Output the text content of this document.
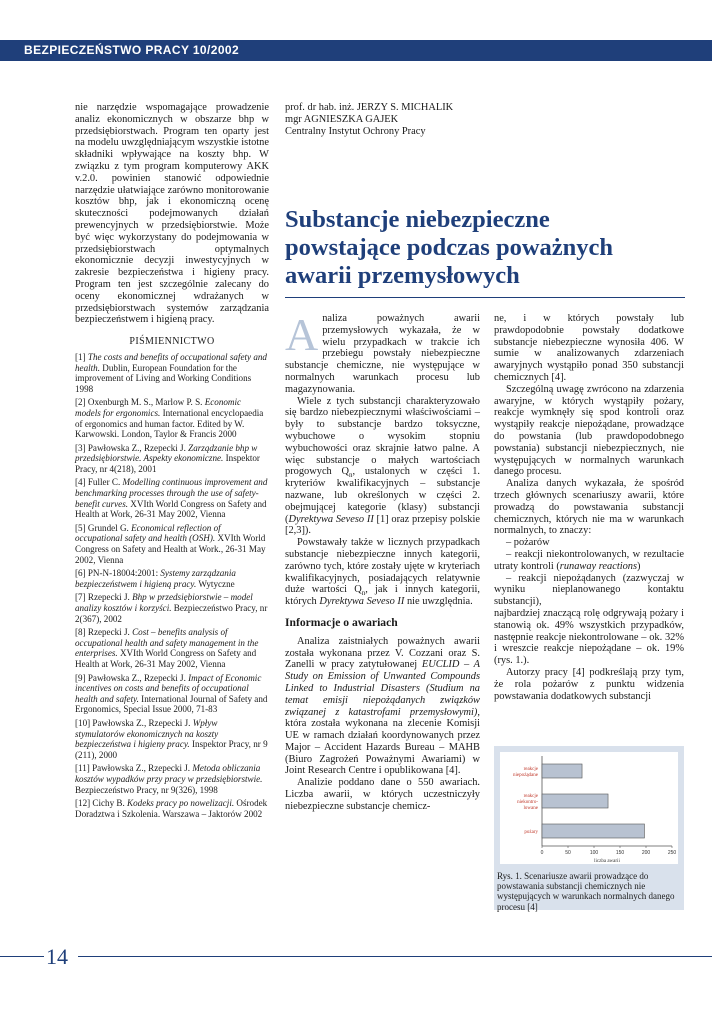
BEZPIECZEŃSTWO PRACY 10/2002

nie narzędzie wspomagające prowadzenie analiz ekonomicznych w obszarze bhp w przedsiębiorstwach. Program ten oparty jest na modelu uwzględniającym wszystkie istotne składniki wpływające na koszty bhp. W związku z tym program komputerowy AKK v.2.0. powinien stanowić odpowiednie narzędzie ułatwiające zarówno monitorowanie kosztów bhp, jak i ekonomiczną ocenę skuteczności podejmowanych działań prewencyjnych w przedsiębiorstwie. Może być więc wykorzystany do podejmowania w przedsiębiorstwach optymalnych ekonomicznie decyzji inwestycyjnych w zakresie bezpieczeństwa i higieny pracy. Program ten jest szczególnie zalecany do oceny ekonomicznej wdrażanych w przedsiębiorstwach systemów zarządzania bezpieczeństwem i higieną pracy.

PIŚMIENNICTWO

[1] The costs and benefits of occupational safety and health. Dublin, European Foundation for the improvement of Living and Working Conditions 1998

[2] Oxenburgh M. S., Marlow P. S. Economic models for ergonomics. International encyclopaedia of ergonomics and human factor. Edited by W. Karwowski. London, Taylor & Francis 2000

[3] Pawłowska Z., Rzepecki J. Zarządzanie bhp w przedsiębiorstwie. Aspekty ekonomiczne. Inspektor Pracy, nr 4(218), 2001

[4] Fuller C. Modelling continuous improvement and benchmarking processes through the use of safety-benefit curves. XVIth World Congress on Safety and Health at Work, 26-31 May 2002, Vienna

[5] Grundel G. Economical reflection of occupational safety and health (OSH). XVIth World Congress on Safety and Health at Work., 26-31 May 2002, Vienna

[6] PN-N-18004:2001: Systemy zarządzania bezpieczeństwem i higieną pracy. Wytyczne

[7] Rzepecki J. Bhp w przedsiębiorstwie – model analizy kosztów i korzyści. Bezpieczeństwo Pracy, nr 2(367), 2002

[8] Rzepecki J. Cost – benefits analysis of occupational health and safety management in the enterprises. XVIth World Congress on Safety and Health at Work, 26-31 May 2002, Vienna

[9] Pawłowska Z., Rzepecki J. Impact of Economic incentives on costs and benefits of occupational health and safety. International Journal of Safety and Ergonomics, Special Issue 2000, 71-83

[10] Pawłowska Z., Rzepecki J. Wpływ stymulatorów ekonomicznych na koszty bezpieczeństwa i higieny pracy. Inspektor Pracy, nr 9 (211), 2000

[11] Pawłowska Z., Rzepecki J. Metoda obliczania kosztów wypadków przy pracy w przedsiębiorstwie. Bezpieczeństwo Pracy, nr 9(326), 1998

[12] Cichy B. Kodeks pracy po nowelizacji. Ośrodek Doradztwa i Szkolenia. Warszawa – Jaktorów 2002

prof. dr hab. inż. JERZY S. MICHALIK
mgr AGNIESZKA GAJEK
Centralny Instytut Ochrony Pracy
Substancje niebezpieczne
powstające podczas poważnych
awarii przemysłowych

Analiza poważnych awarii przemysłowych wykazała, że w wielu przypadkach w trakcie ich przebiegu powstały niebezpieczne substancje chemiczne, nie występujące w normalnych warunkach procesu lub magazynowania.

Wiele z tych substancji charakteryzowało się bardzo niebezpiecznymi właściwościami – były to substancje bardzo toksyczne, wybuchowe o wysokim stopniu wybuchowości oraz skrajnie łatwo palne. A więc substancje o małych wartościach progowych $Q_n$, ustalonych w części 1. kryteriów kwalifikacyjnych – substancje nazwane, lub określonych w części 2. obejmującej kategorie (klasy) substancji (Dyrektywa Seveso II [1] oraz przepisy polskie [2,3]).

Powstawały także w licznych przypadkach substancje niebezpieczne innych kategorii, zarówno tych, które zostały ujęte w kryteriach kwalifikacyjnych, posiadających relatywnie duże wartości $Q_n$, jak i innych kategorii, których Dyrektywa Seveso II nie uwzględnia.

Informacje o awariach

Analiza zaistniałych poważnych awarii została wykonana przez V. Cozzani oraz S. Zanelli w pracy zatytułowanej EUCLID – A Study on Emission of Unwanted Compounds Linked to Industrial Disasters (Studium na temat emisji niepożądanych związków związanej z katastrofami przemysłowymi), która została wykonana na zlecenie Komisji UE w ramach działań koordynowanych przez Major – Accident Hazards Bureau – MAHB (Biuro Zagrożeń Poważnymi Awariami) w Joint Research Centre i opublikowana [4].

Analizie poddano dane o 550 awariach. Liczba awarii, w których uczestniczyły niebezpieczne substancje chemicz-

ne, i w których powstały lub prawdopodobnie powstały dodatkowe substancje niebezpieczne wynosiła 406. W sumie w analizowanych zdarzeniach awaryjnych wystąpiło ponad 350 substancji chemicznych [4].

Szczególną uwagę zwrócono na zdarzenia awaryjne, w których wystąpiły pożary, reakcje wymknęły się spod kontroli oraz wystąpiły reakcje niepożądane, prowadzące do powstania (lub prawdopodobnego powstania) substancji niebezpiecznych, nie występujących w normalnych warunkach danego procesu.

Analiza danych wykazała, że spośród trzech głównych scenariuszy awarii, które prowadzą do powstawania substancji chemicznych, których nie ma w warunkach normalnych, to znaczy:

– pożarów

– reakcji niekontrolowanych, w rezultacie utraty kontroli (runaway reactions)

– reakcji niepożądanych (zazwyczaj w wyniku nieplanowanego kontaktu substancji),

najbardziej znaczącą rolę odgrywają pożary i stanowią ok. 49% wszystkich przypadków, następnie reakcje niekontrolowane – ok. 32% i wreszcie reakcje niepożądane – ok. 19% (rys. 1.).

Autorzy pracy [4] podkreślają przy tym, że rola pożarów z punktu widzenia powstawania dodatkowych substancji

0	50	100	150	200	250
reakcje
niepożądane
reakcje
niekontro-
lowane
pożary
liczba awarii
Rys. 1. Scenariusze awarii prowadzące do powstawania substancji chemicznych nie występujących w warunkach normalnych danego procesu [4]
14
